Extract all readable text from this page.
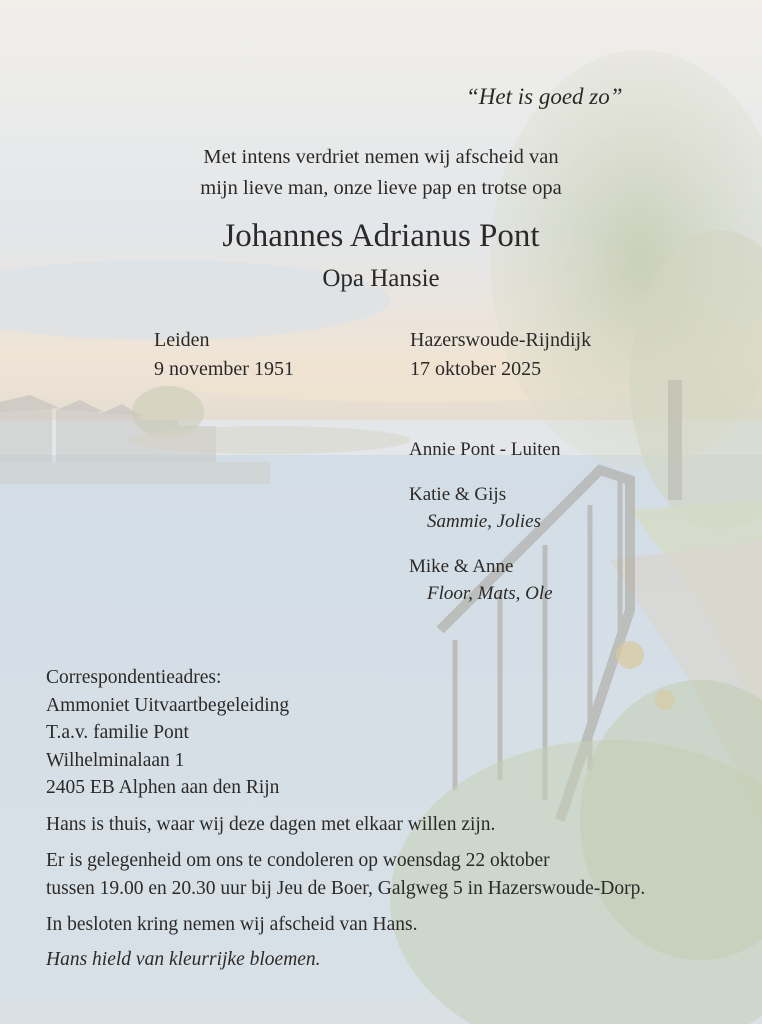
“Het is goed zo”
Met intens verdriet nemen wij afscheid van
mijn lieve man, onze lieve pap en trotse opa
Johannes Adrianus Pont
Opa Hansie
Leiden
9 november 1951
Hazerswoude-Rijndijk
17 oktober 2025
Annie Pont - Luiten
Katie & Gijs
Sammie, Jolies
Mike & Anne
Floor, Mats, Ole
Correspondentieadres:
Ammoniet Uitvaartbegeleiding
T.a.v. familie Pont
Wilhelminalaan 1
2405 EB Alphen aan den Rijn
Hans is thuis, waar wij deze dagen met elkaar willen zijn.
Er is gelegenheid om ons te condoleren op woensdag 22 oktober
tussen 19.00 en 20.30 uur bij Jeu de Boer, Galgweg 5 in Hazerswoude-Dorp.
In besloten kring nemen wij afscheid van Hans.
Hans hield van kleurrijke bloemen.
